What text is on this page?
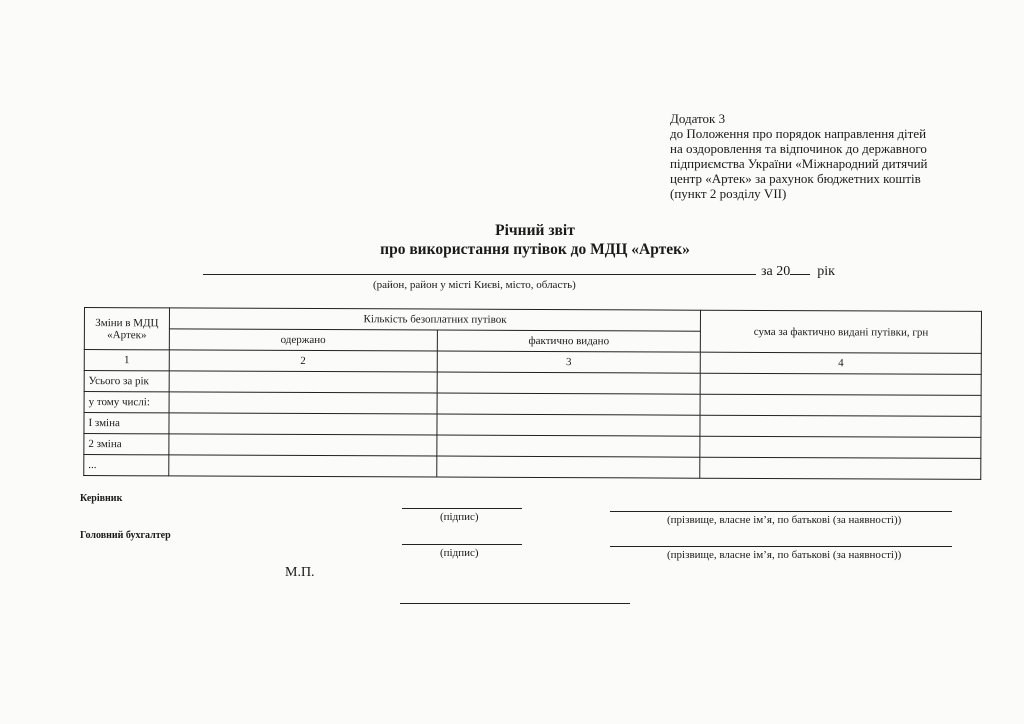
Додаток 3
до Положення про порядок направлення дітей
на оздоровлення та відпочинок до державного
підприємства України «Міжнародний дитячий
центр «Артек» за рахунок бюджетних коштів
(пункт 2 розділу VII)
Річний звіт
про використання путівок до МДЦ «Артек»
за 20 рік
(район, район у місті Києві, місто, область)
Зміни в МДЦ «Артек»	Кількість безоплатних путівок		сума за фактично видані путівки, грн
	одержано	фактично видано	
1	2	3	4
Усього за рік			
у тому числі:			
І зміна			
2 зміна			
...			
Керівник
(підпис)	(прізвище, власне ім’я, по батькові (за наявності))
Головний бухгалтер
(підпис)	(прізвище, власне ім’я, по батькові (за наявності))
М.П.
